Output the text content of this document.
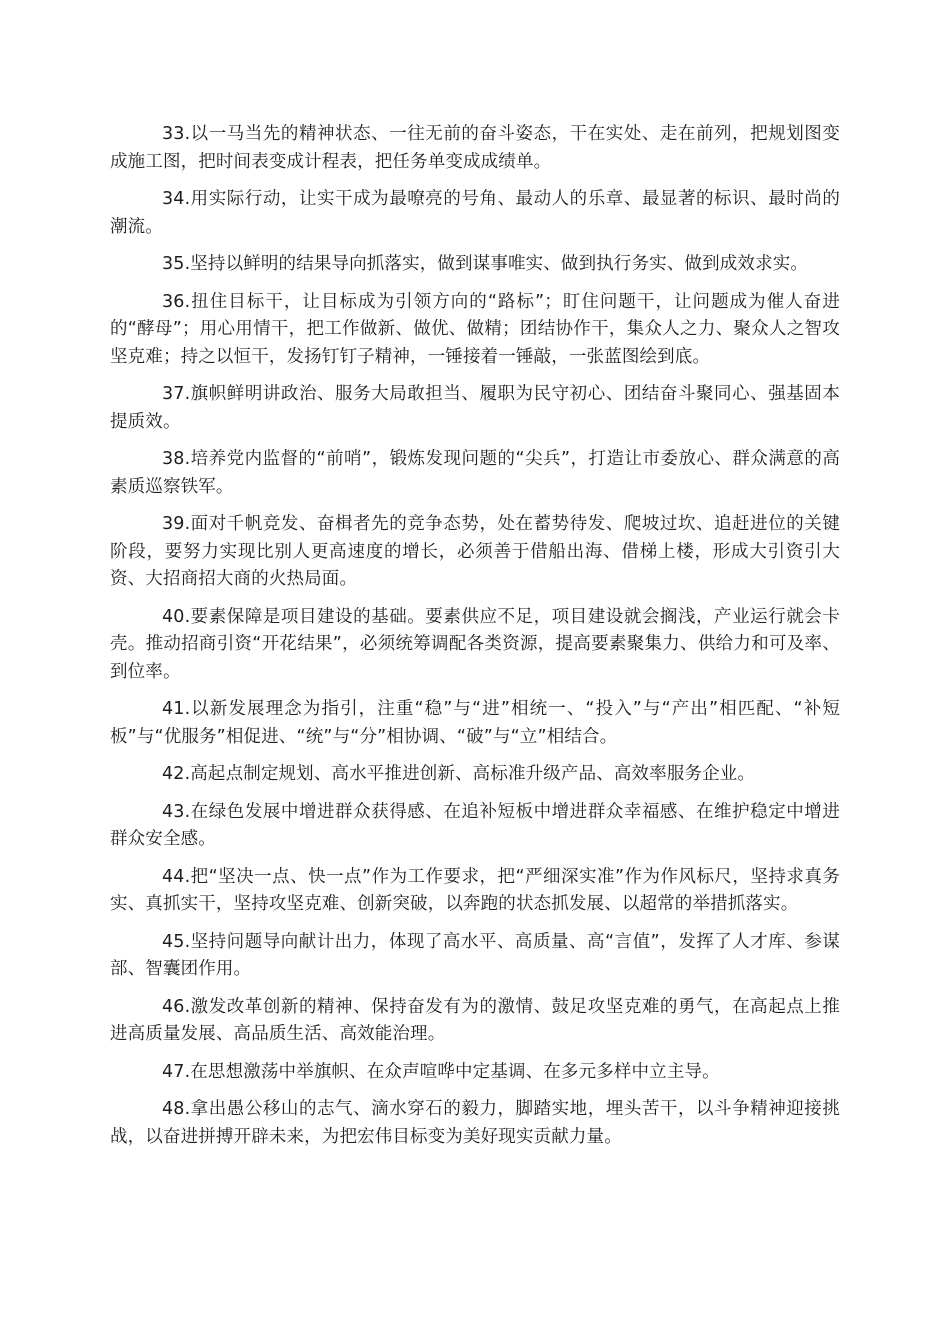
33.以一马当先的精神状态、一往无前的奋斗姿态，干在实处、走在前列，把规划图变成施工图，把时间表变成计程表，把任务单变成成绩单。

34.用实际行动，让实干成为最嘹亮的号角、最动人的乐章、最显著的标识、最时尚的潮流。

35.坚持以鲜明的结果导向抓落实，做到谋事唯实、做到执行务实、做到成效求实。

36.扭住目标干，让目标成为引领方向的“路标”；盯住问题干，让问题成为催人奋进的“酵母”；用心用情干，把工作做新、做优、做精；团结协作干，集众人之力、聚众人之智攻坚克难；持之以恒干，发扬钉钉子精神，一锤接着一锤敲，一张蓝图绘到底。

37.旗帜鲜明讲政治、服务大局敢担当、履职为民守初心、团结奋斗聚同心、强基固本提质效。

38.培养党内监督的“前哨”，锻炼发现问题的“尖兵”，打造让市委放心、群众满意的高素质巡察铁军。

39.面对千帆竞发、奋楫者先的竞争态势，处在蓄势待发、爬坡过坎、追赶进位的关键阶段，要努力实现比别人更高速度的增长，必须善于借船出海、借梯上楼，形成大引资引大资、大招商招大商的火热局面。

40.要素保障是项目建设的基础。要素供应不足，项目建设就会搁浅，产业运行就会卡壳。推动招商引资“开花结果”，必须统筹调配各类资源，提高要素聚集力、供给力和可及率、到位率。

41.以新发展理念为指引，注重“稳”与“进”相统一、“投入”与“产出”相匹配、“补短板”与“优服务”相促进、“统”与“分”相协调、“破”与“立”相结合。

42.高起点制定规划、高水平推进创新、高标准升级产品、高效率服务企业。

43.在绿色发展中增进群众获得感、在追补短板中增进群众幸福感、在维护稳定中增进群众安全感。

44.把“坚决一点、快一点”作为工作要求，把“严细深实准”作为作风标尺，坚持求真务实、真抓实干，坚持攻坚克难、创新突破，以奔跑的状态抓发展、以超常的举措抓落实。

45.坚持问题导向献计出力，体现了高水平、高质量、高“言值”，发挥了人才库、参谋部、智囊团作用。

46.激发改革创新的精神、保持奋发有为的激情、鼓足攻坚克难的勇气，在高起点上推进高质量发展、高品质生活、高效能治理。

47.在思想激荡中举旗帜、在众声喧哗中定基调、在多元多样中立主导。

48.拿出愚公移山的志气、滴水穿石的毅力，脚踏实地，埋头苦干，以斗争精神迎接挑战，以奋进拼搏开辟未来，为把宏伟目标变为美好现实贡献力量。
